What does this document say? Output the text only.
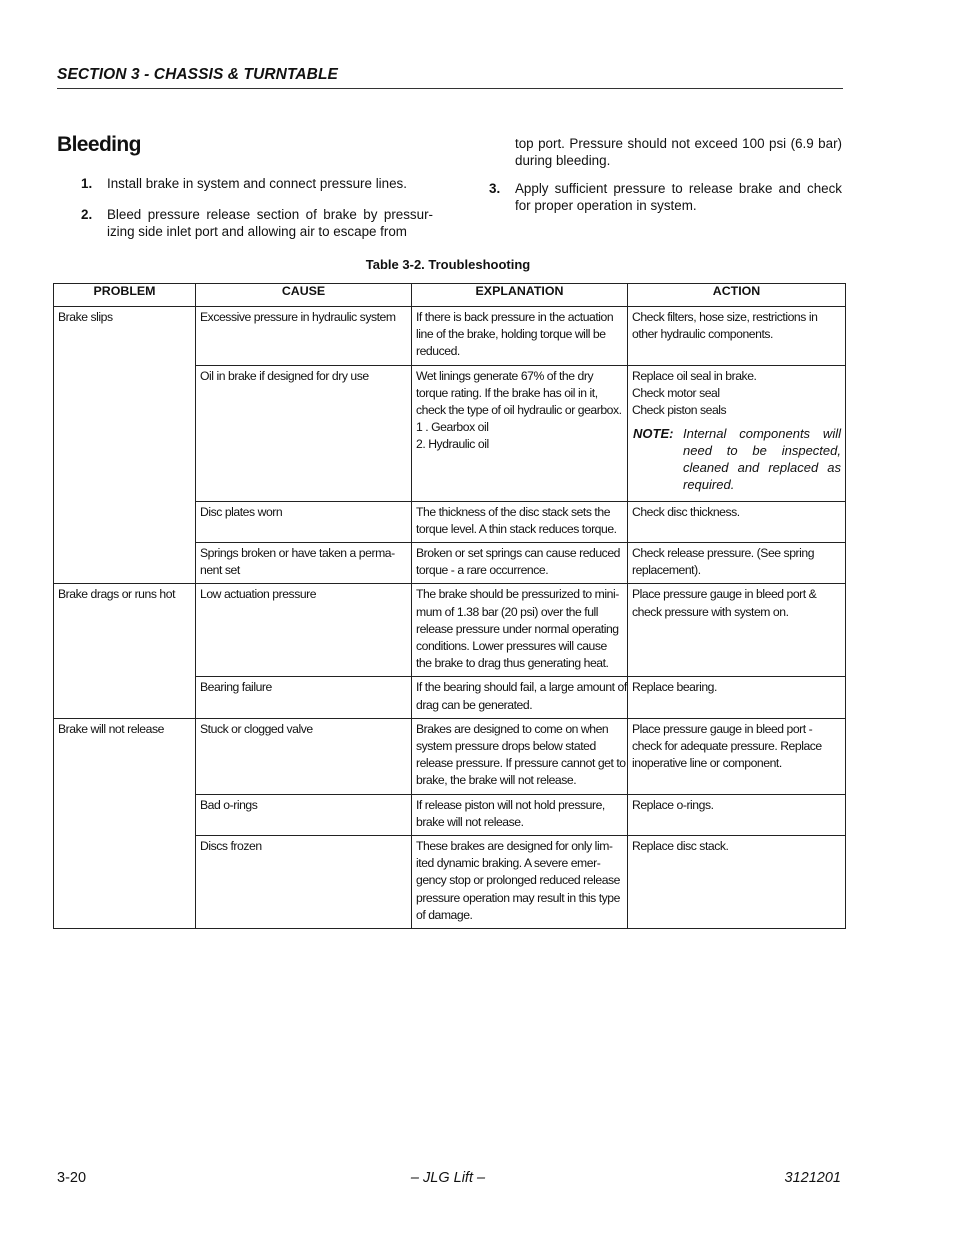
SECTION 3 - CHASSIS & TURNTABLE
Bleeding
1. Install brake in system and connect pressure lines.
2. Bleed pressure release section of brake by pressur- izing side inlet port and allowing air to escape from
top port. Pressure should not exceed 100 psi (6.9 bar) during bleeding.
3. Apply sufficient pressure to release brake and check for proper operation in system.
Table 3-2. Troubleshooting
PROBLEM	CAUSE	EXPLANATION	ACTION

Brake slips	Excessive pressure in hydraulic system	If there is back pressure in the actuation
line of the brake, holding torque will be
reduced.	Check filters, hose size, restrictions in
other hydraulic components.

	Oil in brake if designed for dry use	Wet linings generate 67% of the dry
torque rating. If the brake has oil in it,
check the type of oil hydraulic or gearbox.
1 . Gearbox oil
2. Hydraulic oil	Replace oil seal in brake.
Check motor seal
Check piston seals
NOTE: Internal components will need to be inspected, cleaned and replaced as required.

	Disc plates worn	The thickness of the disc stack sets the
torque level. A thin stack reduces torque.	Check disc thickness.

	Springs broken or have taken a perma-
nent set	Broken or set springs can cause reduced
torque - a rare occurrence.	Check release pressure. (See spring
replacement).

Brake drags or runs hot	Low actuation pressure	The brake should be pressurized to mini-
mum of 1.38 bar (20 psi) over the full
release pressure under normal operating
conditions. Lower pressures will cause
the brake to drag thus generating heat.	Place pressure gauge in bleed port &
check pressure with system on.

	Bearing failure	If the bearing should fail, a large amount of
drag can be generated.	Replace bearing.

Brake will not release	Stuck or clogged valve	Brakes are designed to come on when
system pressure drops below stated
release pressure. If pressure cannot get to
brake, the brake will not release.	Place pressure gauge in bleed port -
check for adequate pressure. Replace
inoperative line or component.

	Bad o-rings	If release piston will not hold pressure,
brake will not release.	Replace o-rings.

	Discs frozen	These brakes are designed for only lim-
ited dynamic braking. A severe emer-
gency stop or prolonged reduced release
pressure operation may result in this type
of damage.	Replace disc stack.
3-20	– JLG Lift –	3121201
